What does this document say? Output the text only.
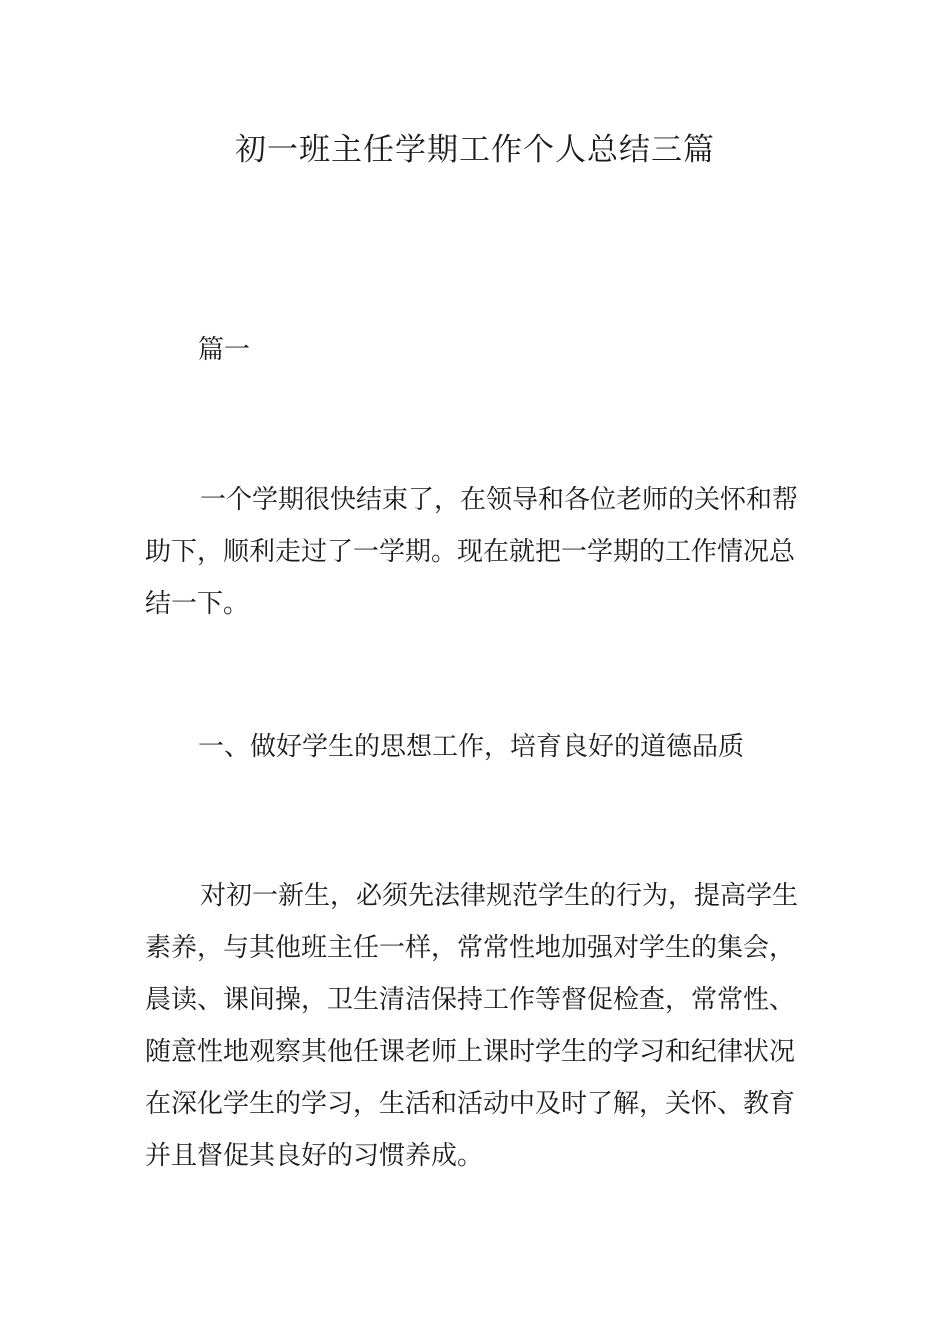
初一班主任学期工作个人总结三篇
篇一
一个学期很快结束了，在领导和各位老师的关怀和帮
助下，顺利走过了一学期。现在就把一学期的工作情况总
结一下。
一、做好学生的思想工作，培育良好的道德品质
对初一新生，必须先法律规范学生的行为，提高学生
素养，与其他班主任一样，常常性地加强对学生的集会，
晨读、课间操，卫生清洁保持工作等督促检查，常常性、
随意性地观察其他任课老师上课时学生的学习和纪律状况
在深化学生的学习，生活和活动中及时了解，关怀、教育
并且督促其良好的习惯养成。
